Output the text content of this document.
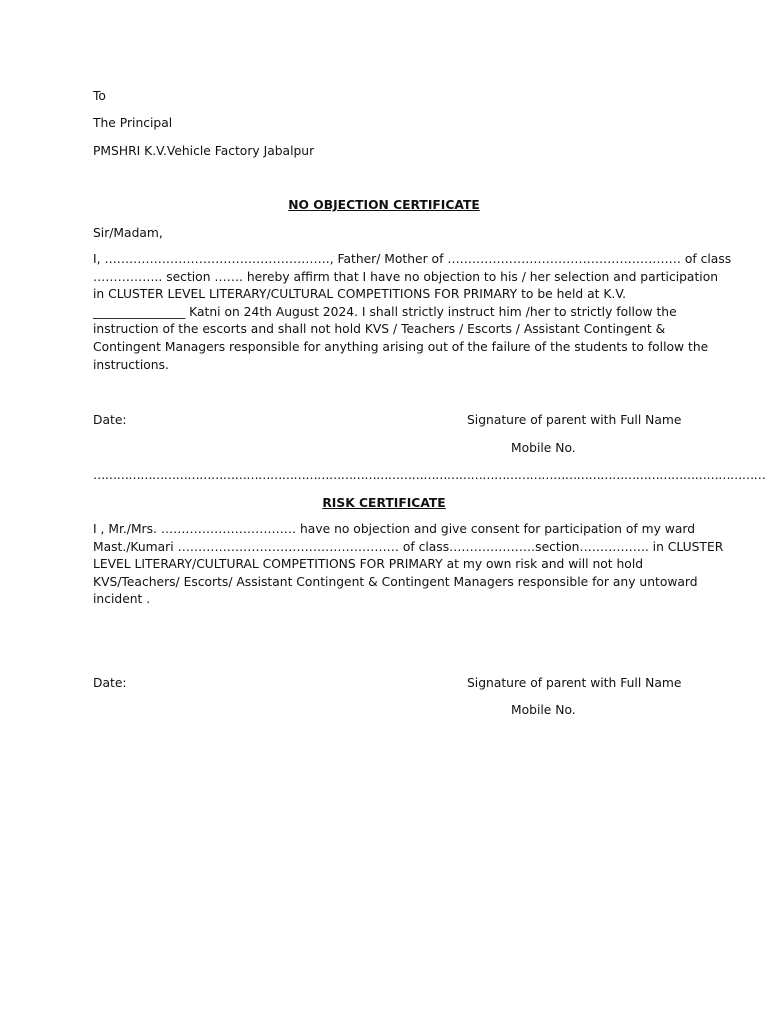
To
The Principal
PMSHRI K.V.Vehicle Factory Jabalpur
NO OBJECTION CERTIFICATE
Sir/Madam,
I, ………………………………………………., Father/ Mother of ………………………………………………… of class
…………….. section ……. hereby affirm that I have no objection to his / her selection and participation
in CLUSTER LEVEL LITERARY/CULTURAL COMPETITIONS FOR PRIMARY to be held at K.V.
_______________ Katni on 24th August 2024. I shall strictly instruct him /her to strictly follow the
instruction of the escorts and shall not hold KVS / Teachers / Escorts / Assistant Contingent &
Contingent Managers responsible for anything arising out of the failure of the students to follow the
instructions.
Date:	Signature of parent with Full Name
Mobile No.
………………………………………………………………………………………………………………………………………………………
RISK CERTIFICATE
I , Mr./Mrs. …………………………… have no objection and give consent for participation of my ward
Mast./Kumari ……………………………………………… of class…………………section…………….. in CLUSTER
LEVEL LITERARY/CULTURAL COMPETITIONS FOR PRIMARY at my own risk and will not hold
KVS/Teachers/ Escorts/ Assistant Contingent & Contingent Managers responsible for any untoward
incident .
Date:	Signature of parent with Full Name
Mobile No.
